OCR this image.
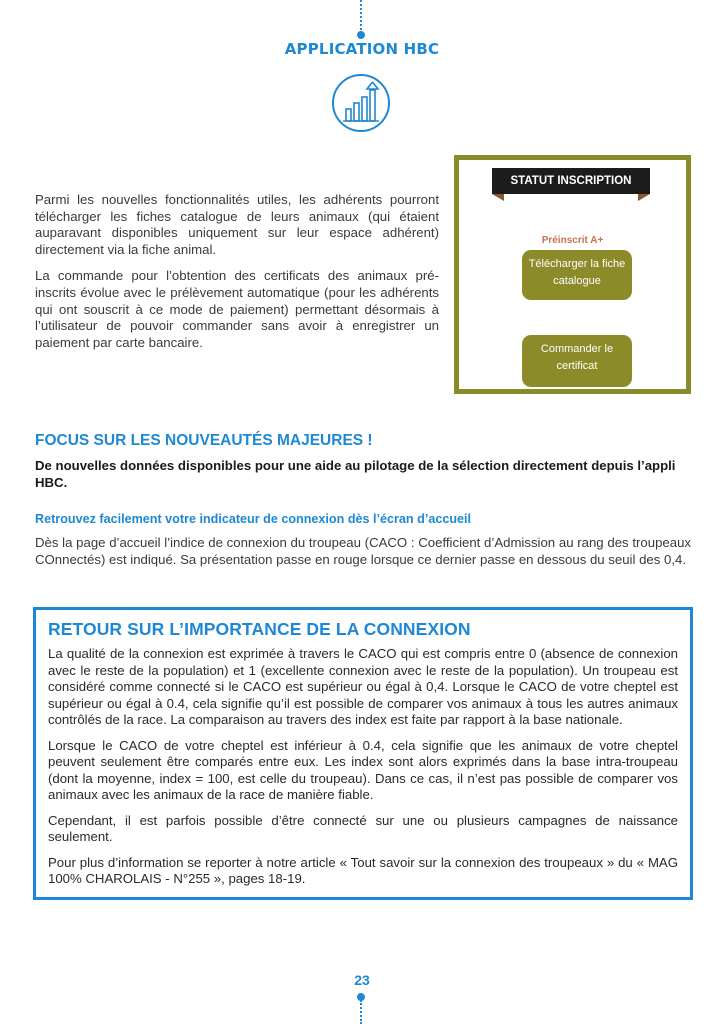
APPLICATION HBC

Parmi les nouvelles fonctionnalités utiles, les adhérents pourront télécharger les fiches catalogue de leurs animaux (qui étaient auparavant disponibles uniquement sur leur espace adhérent) directement via la fiche animal.

La commande pour l’obtention des certificats des animaux pré-inscrits évolue avec le prélèvement automatique (pour les adhérents qui ont souscrit à ce mode de paiement) permettant désormais à l’utilisateur de pouvoir commander sans avoir à enregistrer un paiement par carte bancaire.

STATUT INSCRIPTION
Préinscrit A+
Télécharger la fiche catalogue
Commander le certificat
FOCUS SUR LES NOUVEAUTÉS MAJEURES !
De nouvelles données disponibles pour une aide au pilotage de la sélection directement depuis l’appli HBC.
Retrouvez facilement votre indicateur de connexion dès l’écran d’accueil
Dès la page d’accueil l’indice de connexion du troupeau (CACO : Coefficient d’Admission au rang des troupeaux COnnectés) est indiqué. Sa présentation passe en rouge lorsque ce dernier passe en dessous du seuil des 0,4.
RETOUR SUR L’IMPORTANCE DE LA CONNEXION

La qualité de la connexion est exprimée à travers le CACO qui est compris entre 0 (absence de connexion avec le reste de la population) et 1 (excellente connexion avec le reste de la population). Un troupeau est considéré comme connecté si le CACO est supérieur ou égal à 0,4. Lorsque le CACO de votre cheptel est supérieur ou égal à 0.4, cela signifie qu’il est possible de comparer vos animaux à tous les autres animaux contrôlés de la race. La comparaison au travers des index est faite par rapport à la base nationale.

Lorsque le CACO de votre cheptel est inférieur à 0.4, cela signifie que les animaux de votre cheptel peuvent seulement être comparés entre eux. Les index sont alors exprimés dans la base intra-troupeau (dont la moyenne, index = 100, est celle du troupeau). Dans ce cas, il n’est pas possible de comparer vos animaux avec les animaux de la race de manière fiable.

Cependant, il est parfois possible d’être connecté sur une ou plusieurs campagnes de naissance seulement.

Pour plus d’information se reporter à notre article « Tout savoir sur la connexion des troupeaux » du « MAG 100% CHAROLAIS - N°255 », pages 18-19.

23
